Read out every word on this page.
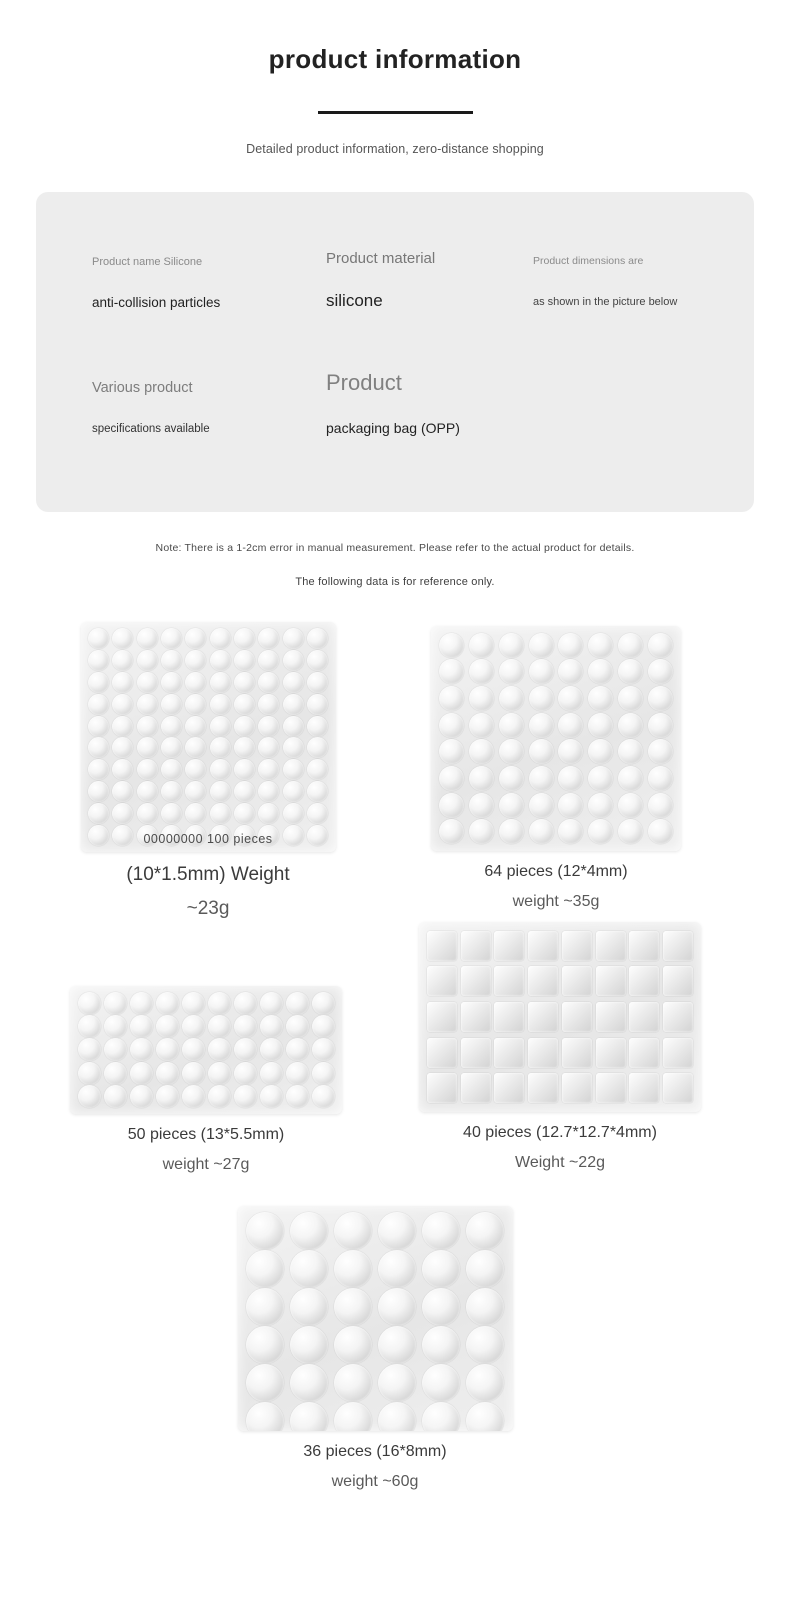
product information
Detailed product information, zero-distance shopping
Product name Silicone
anti-collision particles
Product material
silicone
Product dimensions are
as shown in the picture below
Various product
specifications available
Product
packaging bag (OPP)
Note: There is a 1-2cm error in manual measurement. Please refer to the actual product for details.
The following data is for reference only.
00000000 100 pieces
(10*1.5mm) Weight
~23g
64 pieces (12*4mm)
weight ~35g
50 pieces (13*5.5mm)
weight ~27g
40 pieces (12.7*12.7*4mm)
Weight ~22g
36 pieces (16*8mm)
weight ~60g
